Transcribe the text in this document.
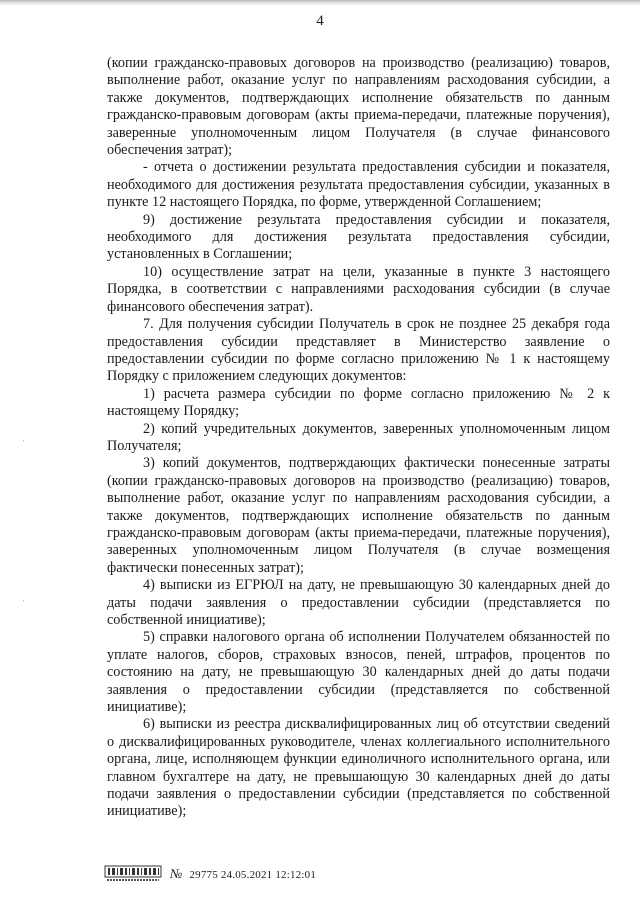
4

(копии гражданско-правовых договоров на производство (реализацию) товаров, выполнение работ, оказание услуг по направлениям расходования субсидии, а также документов, подтверждающих исполнение обязательств по данным гражданско-правовым договорам (акты приема-передачи, платежные поручения), заверенные уполномоченным лицом Получателя (в случае финансового обеспечения затрат);

- отчета о достижении результата предоставления субсидии и показателя, необходимого для достижения результата предоставления субсидии, указанных в пункте 12 настоящего Порядка, по форме, утвержденной Соглашением;

9) достижение результата предоставления субсидии и показателя, необходимого для достижения результата предоставления субсидии, установленных в Соглашении;

10) осуществление затрат на цели, указанные в пункте 3 настоящего Порядка, в соответствии с направлениями расходования субсидии (в случае финансового обеспечения затрат).

7. Для получения субсидии Получатель в срок не позднее 25 декабря года предоставления субсидии представляет в Министерство заявление о предоставлении субсидии по форме согласно приложению № 1 к настоящему Порядку с приложением следующих документов:

1) расчета размера субсидии по форме согласно приложению № 2 к настоящему Порядку;

2) копий учредительных документов, заверенных уполномоченным лицом Получателя;

3) копий документов, подтверждающих фактически понесенные затраты (копии гражданско-правовых договоров на производство (реализацию) товаров, выполнение работ, оказание услуг по направлениям расходования субсидии, а также документов, подтверждающих исполнение обязательств по данным гражданско-правовым договорам (акты приема-передачи, платежные поручения), заверенных уполномоченным лицом Получателя (в случае возмещения фактически понесенных затрат);

4) выписки из ЕГРЮЛ на дату, не превышающую 30 календарных дней до даты подачи заявления о предоставлении субсидии (представляется по собственной инициативе);

5) справки налогового органа об исполнении Получателем обязанностей по уплате налогов, сборов, страховых взносов, пеней, штрафов, процентов по состоянию на дату, не превышающую 30 календарных дней до даты подачи заявления о предоставлении субсидии (представляется по собственной инициативе);

6) выписки из реестра дисквалифицированных лиц об отсутствии сведений о дисквалифицированных руководителе, членах коллегиального исполнительного органа, лице, исполняющем функции единоличного исполнительного органа, или главном бухгалтере на дату, не превышающую 30 календарных дней до даты подачи заявления о предоставлении субсидии (представляется по собственной инициативе);

ˌ
ˌ
№ 29775 24.05.2021 12:12:01
